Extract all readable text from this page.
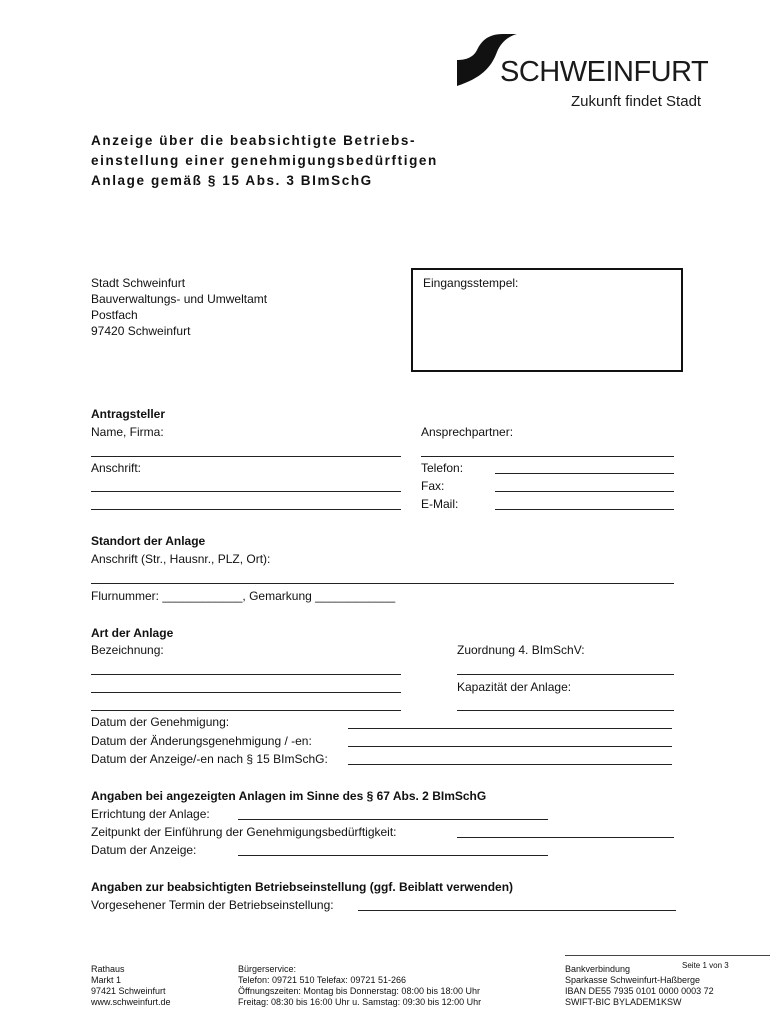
SCHWEINFURT
Zukunft findet Stadt
Anzeige über die beabsichtigte Betriebs-
einstellung einer genehmigungsbedürftigen
Anlage gemäß § 15 Abs. 3 BImSchG
Stadt Schweinfurt
Bauverwaltungs- und Umweltamt
Postfach
97420 Schweinfurt
Eingangsstempel:
Antragsteller
Name, Firma:	Ansprechpartner:
Anschrift:	Telefon:
Fax:
E-Mail:
Standort der Anlage
Anschrift (Str., Hausnr., PLZ, Ort):
Flurnummer: ____________, Gemarkung ____________
Art der Anlage
Bezeichnung:	Zuordnung 4. BImSchV:
Kapazität der Anlage:
Datum der Genehmigung:
Datum der Änderungsgenehmigung / -en:
Datum der Anzeige/-en nach § 15 BImSchG:
Angaben bei angezeigten Anlagen im Sinne des § 67 Abs. 2 BImSchG
Errichtung der Anlage:
Zeitpunkt der Einführung der Genehmigungsbedürftigkeit:
Datum der Anzeige:
Angaben zur beabsichtigten Betriebseinstellung (ggf. Beiblatt verwenden)
Vorgesehener Termin der Betriebseinstellung:
Seite 1 von 3
Rathaus
Markt 1
97421 Schweinfurt
www.schweinfurt.de
Bürgerservice:
Telefon: 09721 510 Telefax: 09721 51-266
Öffnungszeiten: Montag bis Donnerstag: 08:00 bis 18:00 Uhr
Freitag: 08:30 bis 16:00 Uhr u. Samstag: 09:30 bis 12:00 Uhr
Bankverbindung
Sparkasse Schweinfurt-Haßberge
IBAN DE55 7935 0101 0000 0003 72
SWIFT-BIC BYLADEM1KSW
